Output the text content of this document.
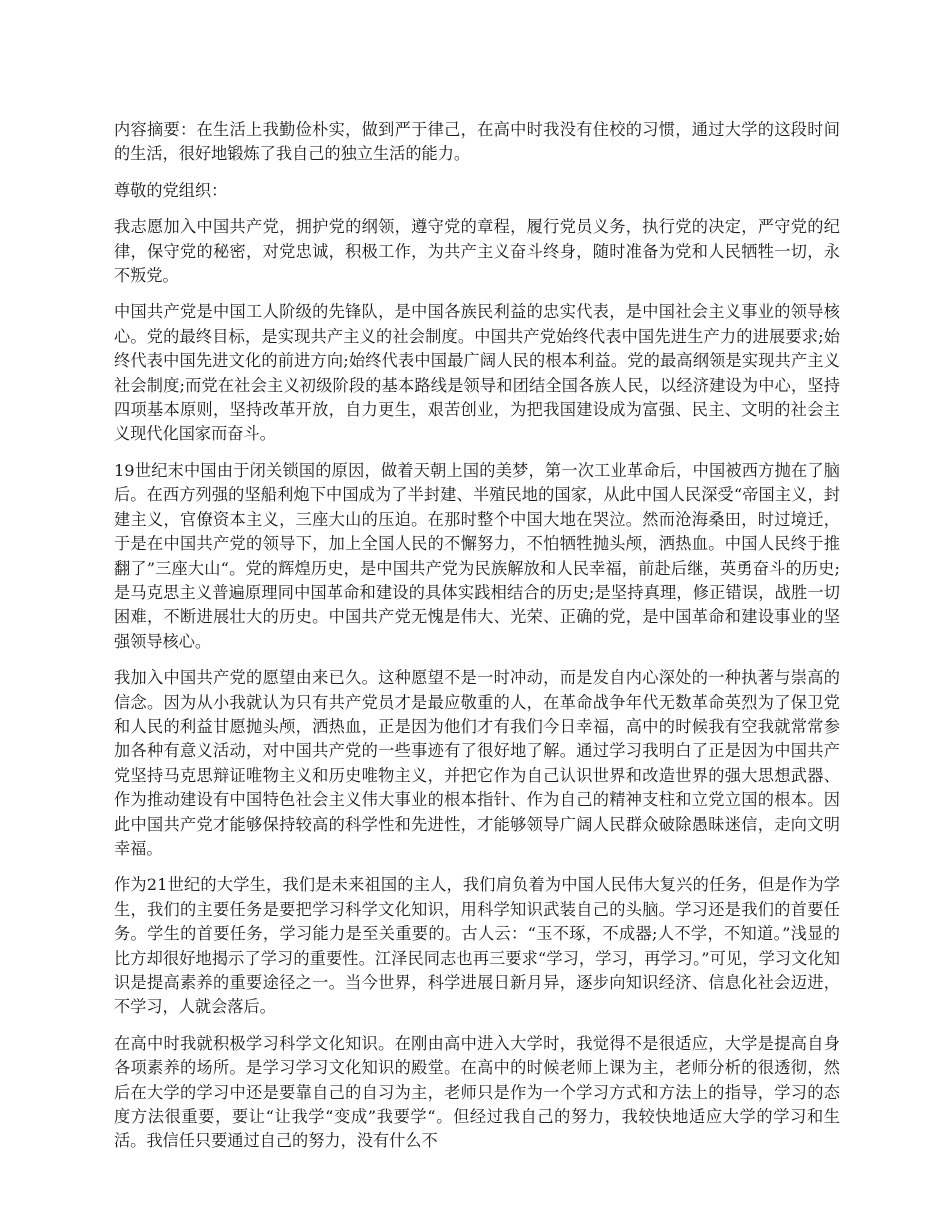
内容摘要：在生活上我勤俭朴实，做到严于律己，在高中时我没有住校的习惯，通过大学的这段时间的生活，很好地锻炼了我自己的独立生活的能力。

尊敬的党组织：

我志愿加入中国共产党，拥护党的纲领，遵守党的章程，履行党员义务，执行党的决定，严守党的纪律，保守党的秘密，对党忠诚，积极工作，为共产主义奋斗终身，随时准备为党和人民牺牲一切，永不叛党。

中国共产党是中国工人阶级的先锋队，是中国各族民利益的忠实代表，是中国社会主义事业的领导核心。党的最终目标，是实现共产主义的社会制度。中国共产党始终代表中国先进生产力的进展要求;始终代表中国先进文化的前进方向;始终代表中国最广阔人民的根本利益。党的最高纲领是实现共产主义社会制度;而党在社会主义初级阶段的基本路线是领导和团结全国各族人民，以经济建设为中心，坚持四项基本原则，坚持改革开放，自力更生，艰苦创业，为把我国建设成为富强、民主、文明的社会主义现代化国家而奋斗。

19世纪末中国由于闭关锁国的原因，做着天朝上国的美梦，第一次工业革命后，中国被西方抛在了脑后。在西方列强的坚船利炮下中国成为了半封建、半殖民地的国家，从此中国人民深受“帝国主义，封建主义，官僚资本主义，三座大山的压迫。在那时整个中国大地在哭泣。然而沧海桑田，时过境迁，于是在中国共产党的领导下，加上全国人民的不懈努力，不怕牺牲抛头颅，洒热血。中国人民终于推翻了”三座大山“。党的辉煌历史，是中国共产党为民族解放和人民幸福，前赴后继，英勇奋斗的历史;是马克思主义普遍原理同中国革命和建设的具体实践相结合的历史;是坚持真理，修正错误，战胜一切困难，不断进展壮大的历史。中国共产党无愧是伟大、光荣、正确的党，是中国革命和建设事业的坚强领导核心。

我加入中国共产党的愿望由来已久。这种愿望不是一时冲动，而是发自内心深处的一种执著与崇高的信念。因为从小我就认为只有共产党员才是最应敬重的人，在革命战争年代无数革命英烈为了保卫党和人民的利益甘愿抛头颅，洒热血，正是因为他们才有我们今日幸福，高中的时候我有空我就常常参加各种有意义活动，对中国共产党的一些事迹有了很好地了解。通过学习我明白了正是因为中国共产党坚持马克思辩证唯物主义和历史唯物主义，并把它作为自己认识世界和改造世界的强大思想武器、作为推动建设有中国特色社会主义伟大事业的根本指针、作为自己的精神支柱和立党立国的根本。因此中国共产党才能够保持较高的科学性和先进性，才能够领导广阔人民群众破除愚昧迷信，走向文明幸福。

作为21世纪的大学生，我们是未来祖国的主人，我们肩负着为中国人民伟大复兴的任务，但是作为学生，我们的主要任务是要把学习科学文化知识，用科学知识武装自己的头脑。学习还是我们的首要任务。学生的首要任务，学习能力是至关重要的。古人云：“玉不琢，不成器;人不学，不知道。”浅显的比方却很好地揭示了学习的重要性。江泽民同志也再三要求“学习，学习，再学习。”可见，学习文化知识是提高素养的重要途径之一。当今世界，科学进展日新月异，逐步向知识经济、信息化社会迈进，不学习，人就会落后。

在高中时我就积极学习科学文化知识。在刚由高中进入大学时，我觉得不是很适应，大学是提高自身各项素养的场所。是学习学习文化知识的殿堂。在高中的时候老师上课为主，老师分析的很透彻，然后在大学的学习中还是要靠自己的自习为主，老师只是作为一个学习方式和方法上的指导，学习的态度方法很重要，要让“让我学“变成”我要学“。但经过我自己的努力，我较快地适应大学的学习和生活。我信任只要通过自己的努力，没有什么不
